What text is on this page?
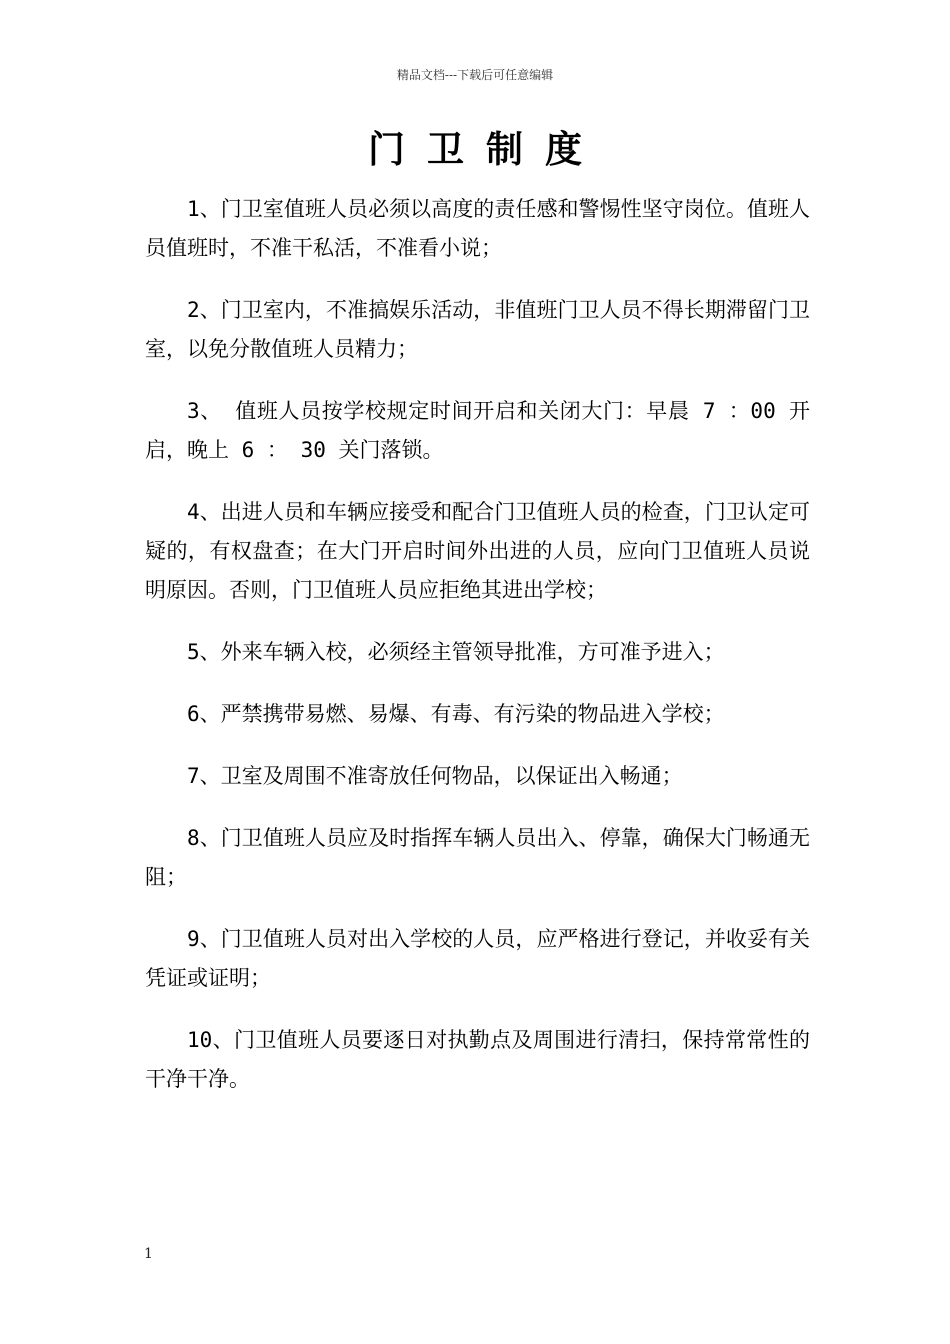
精品文档---下载后可任意编辑
门卫制度

1、门卫室值班人员必须以高度的责任感和警惕性坚守岗位。值班人员值班时，不准干私活，不准看小说；

2、门卫室内，不准搞娱乐活动，非值班门卫人员不得长期滞留门卫室，以免分散值班人员精力；

3、 值班人员按学校规定时间开启和关闭大门：早晨 7 ：00 开启，晚上 6 ： 30 关门落锁。

4、出进人员和车辆应接受和配合门卫值班人员的检查，门卫认定可疑的，有权盘查；在大门开启时间外出进的人员，应向门卫值班人员说明原因。否则，门卫值班人员应拒绝其进出学校；

5、外来车辆入校，必须经主管领导批准，方可准予进入；

6、严禁携带易燃、易爆、有毒、有污染的物品进入学校；

7、卫室及周围不准寄放任何物品，以保证出入畅通；

8、门卫值班人员应及时指挥车辆人员出入、停靠，确保大门畅通无阻；

9、门卫值班人员对出入学校的人员，应严格进行登记，并收妥有关凭证或证明；

10、门卫值班人员要逐日对执勤点及周围进行清扫，保持常常性的干净干净。

1
